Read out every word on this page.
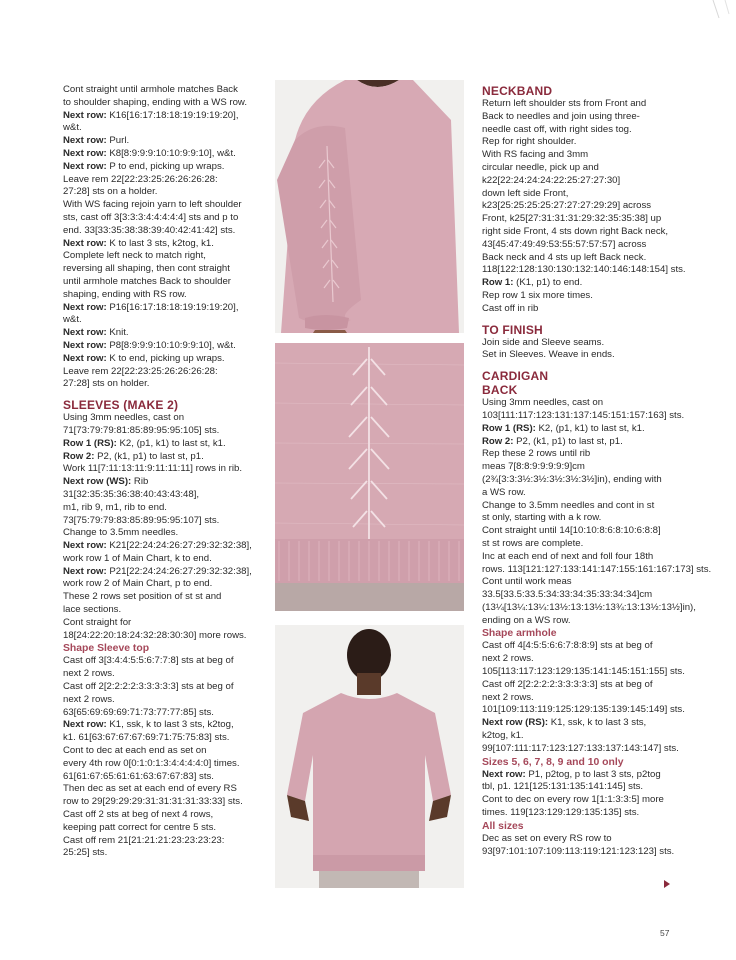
Cont straight until armhole matches Back
to shoulder shaping, ending with a WS row.
Next row: K16[16:17:18:18:19:19:19:20],
w&t.
Next row: Purl.
Next row: K8[8:9:9:9:10:10:9:9:10], w&t.
Next row: P to end, picking up wraps.
Leave rem 22[22:23:25:26:26:26:28:
27:28] sts on a holder.
With WS facing rejoin yarn to left shoulder
sts, cast off 3[3:3:3:4:4:4:4:4] sts and p to
end. 33[33:35:38:38:39:40:42:41:42] sts.
Next row: K to last 3 sts, k2tog, k1.
Complete left neck to match right,
reversing all shaping, then cont straight
until armhole matches Back to shoulder
shaping, ending with RS row.
Next row: P16[16:17:18:18:19:19:19:20],
w&t.
Next row: Knit.
Next row: P8[8:9:9:9:10:10:9:9:10], w&t.
Next row: K to end, picking up wraps.
Leave rem 22[22:23:25:26:26:26:28:
27:28] sts on holder.
SLEEVES (MAKE 2)
Using 3mm needles, cast on
71[73:79:79:81:85:89:95:95:105] sts.
Row 1 (RS): K2, (p1, k1) to last st, k1.
Row 2: P2, (k1, p1) to last st, p1.
Work 11[7:11:13:11:9:11:11:11] rows in rib.
Next row (WS): Rib
31[32:35:35:36:38:40:43:43:48],
m1, rib 9, m1, rib to end.
73[75:79:79:83:85:89:95:95:107] sts.
Change to 3.5mm needles.
Next row: K21[22:24:24:26:27:29:32:32:38],
work row 1 of Main Chart, k to end.
Next row: P21[22:24:24:26:27:29:32:32:38],
work row 2 of Main Chart, p to end.
These 2 rows set position of st st and
lace sections.
Cont straight for
18[24:22:20:18:24:32:28:30:30] more rows.
Shape Sleeve top
Cast off 3[3:4:4:5:5:6:7:7:8] sts at beg of
next 2 rows.
Cast off 2[2:2:2:2:3:3:3:3:3] sts at beg of
next 2 rows.
63[65:69:69:69:71:73:77:77:85] sts.
Next row: K1, ssk, k to last 3 sts, k2tog,
k1. 61[63:67:67:67:69:71:75:75:83] sts.
Cont to dec at each end as set on
every 4th row 0[0:1:0:1:3:4:4:4:4:0] times.
61[61:67:65:61:61:63:67:67:83] sts.
Then dec as set at each end of every RS
row to 29[29:29:29:31:31:31:31:33:33] sts.
Cast off 2 sts at beg of next 4 rows,
keeping patt correct for centre 5 sts.
Cast off rem 21[21:21:21:23:23:23:23:
25:25] sts.
NECKBAND
Return left shoulder sts from Front and
Back to needles and join using three-
needle cast off, with right sides tog.
Rep for right shoulder.
With RS facing and 3mm
circular needle, pick up and
k22[22:24:24:24:22:25:27:27:30]
down left side Front,
k23[25:25:25:25:27:27:27:29:29] across
Front, k25[27:31:31:31:29:32:35:35:38] up
right side Front, 4 sts down right Back neck,
43[45:47:49:49:53:55:57:57:57] across
Back neck and 4 sts up left Back neck.
118[122:128:130:130:132:140:146:148:154] sts.
Row 1: (K1, p1) to end.
Rep row 1 six more times.
Cast off in rib
TO FINISH
Join side and Sleeve seams.
Set in Sleeves. Weave in ends.
CARDIGAN
BACK
Using 3mm needles, cast on
103[111:117:123:131:137:145:151:157:163] sts.
Row 1 (RS): K2, (p1, k1) to last st, k1.
Row 2: P2, (k1, p1) to last st, p1.
Rep these 2 rows until rib
meas 7[8:8:9:9:9:9:9]cm
(2¾[3:3:3½:3½:3½:3½:3½]in), ending with
a WS row.
Change to 3.5mm needles and cont in st
st only, starting with a k row.
Cont straight until 14[10:10:8:6:8:10:6:8:8]
st st rows are complete.
Inc at each end of next and foll four 18th
rows. 113[121:127:133:141:147:155:161:167:173] sts.
Cont until work meas
33.5[33.5:33.5:34:33:34:35:33:34:34]cm
(13¼[13¼:13¼:13½:13:13½:13¾:13:13½:13½]in),
ending on a WS row.
Shape armhole
Cast off 4[4:5:5:6:6:7:8:8:9] sts at beg of
next 2 rows.
105[113:117:123:129:135:141:145:151:155] sts.
Cast off 2[2:2:2:2:3:3:3:3:3] sts at beg of
next 2 rows.
101[109:113:119:125:129:135:139:145:149] sts.
Next row (RS): K1, ssk, k to last 3 sts,
k2tog, k1.
99[107:111:117:123:127:133:137:143:147] sts.
Sizes 5, 6, 7, 8, 9 and 10 only
Next row: P1, p2tog, p to last 3 sts, p2tog
tbl, p1. 121[125:131:135:141:145] sts.
Cont to dec on every row 1[1:1:3:3:5] more
times. 119[123:129:129:135:135] sts.
All sizes
Dec as set on every RS row to
93[97:101:107:109:113:119:121:123:123] sts.
57
